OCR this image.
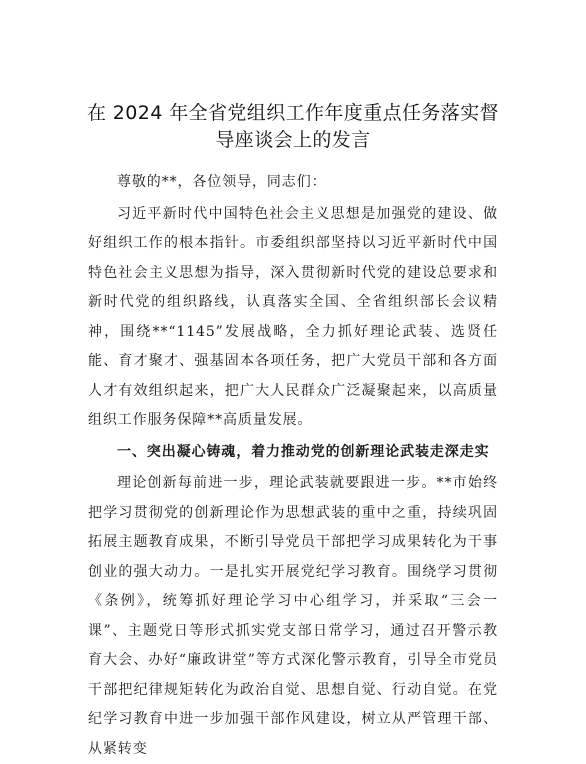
在 2024 年全省党组织工作年度重点任务落实督
导座谈会上的发言

尊敬的**，各位领导，同志们：

习近平新时代中国特色社会主义思想是加强党的建设、做好组织工作的根本指针。市委组织部坚持以习近平新时代中国特色社会主义思想为指导，深入贯彻新时代党的建设总要求和新时代党的组织路线，认真落实全国、全省组织部长会议精神，围绕**“1145”发展战略，全力抓好理论武装、选贤任能、育才聚才、强基固本各项任务，把广大党员干部和各方面人才有效组织起来，把广大人民群众广泛凝聚起来，以高质量组织工作服务保障**高质量发展。

一、突出凝心铸魂，着力推动党的创新理论武装走深走实

理论创新每前进一步，理论武装就要跟进一步。**市始终把学习贯彻党的创新理论作为思想武装的重中之重，持续巩固拓展主题教育成果，不断引导党员干部把学习成果转化为干事创业的强大动力。一是扎实开展党纪学习教育。围绕学习贯彻《条例》，统筹抓好理论学习中心组学习，并采取“三会一课”、主题党日等形式抓实党支部日常学习，通过召开警示教育大会、办好“廉政讲堂”等方式深化警示教育，引导全市党员干部把纪律规矩转化为政治自觉、思想自觉、行动自觉。在党纪学习教育中进一步加强干部作风建设，树立从严管理干部、从紧转变
